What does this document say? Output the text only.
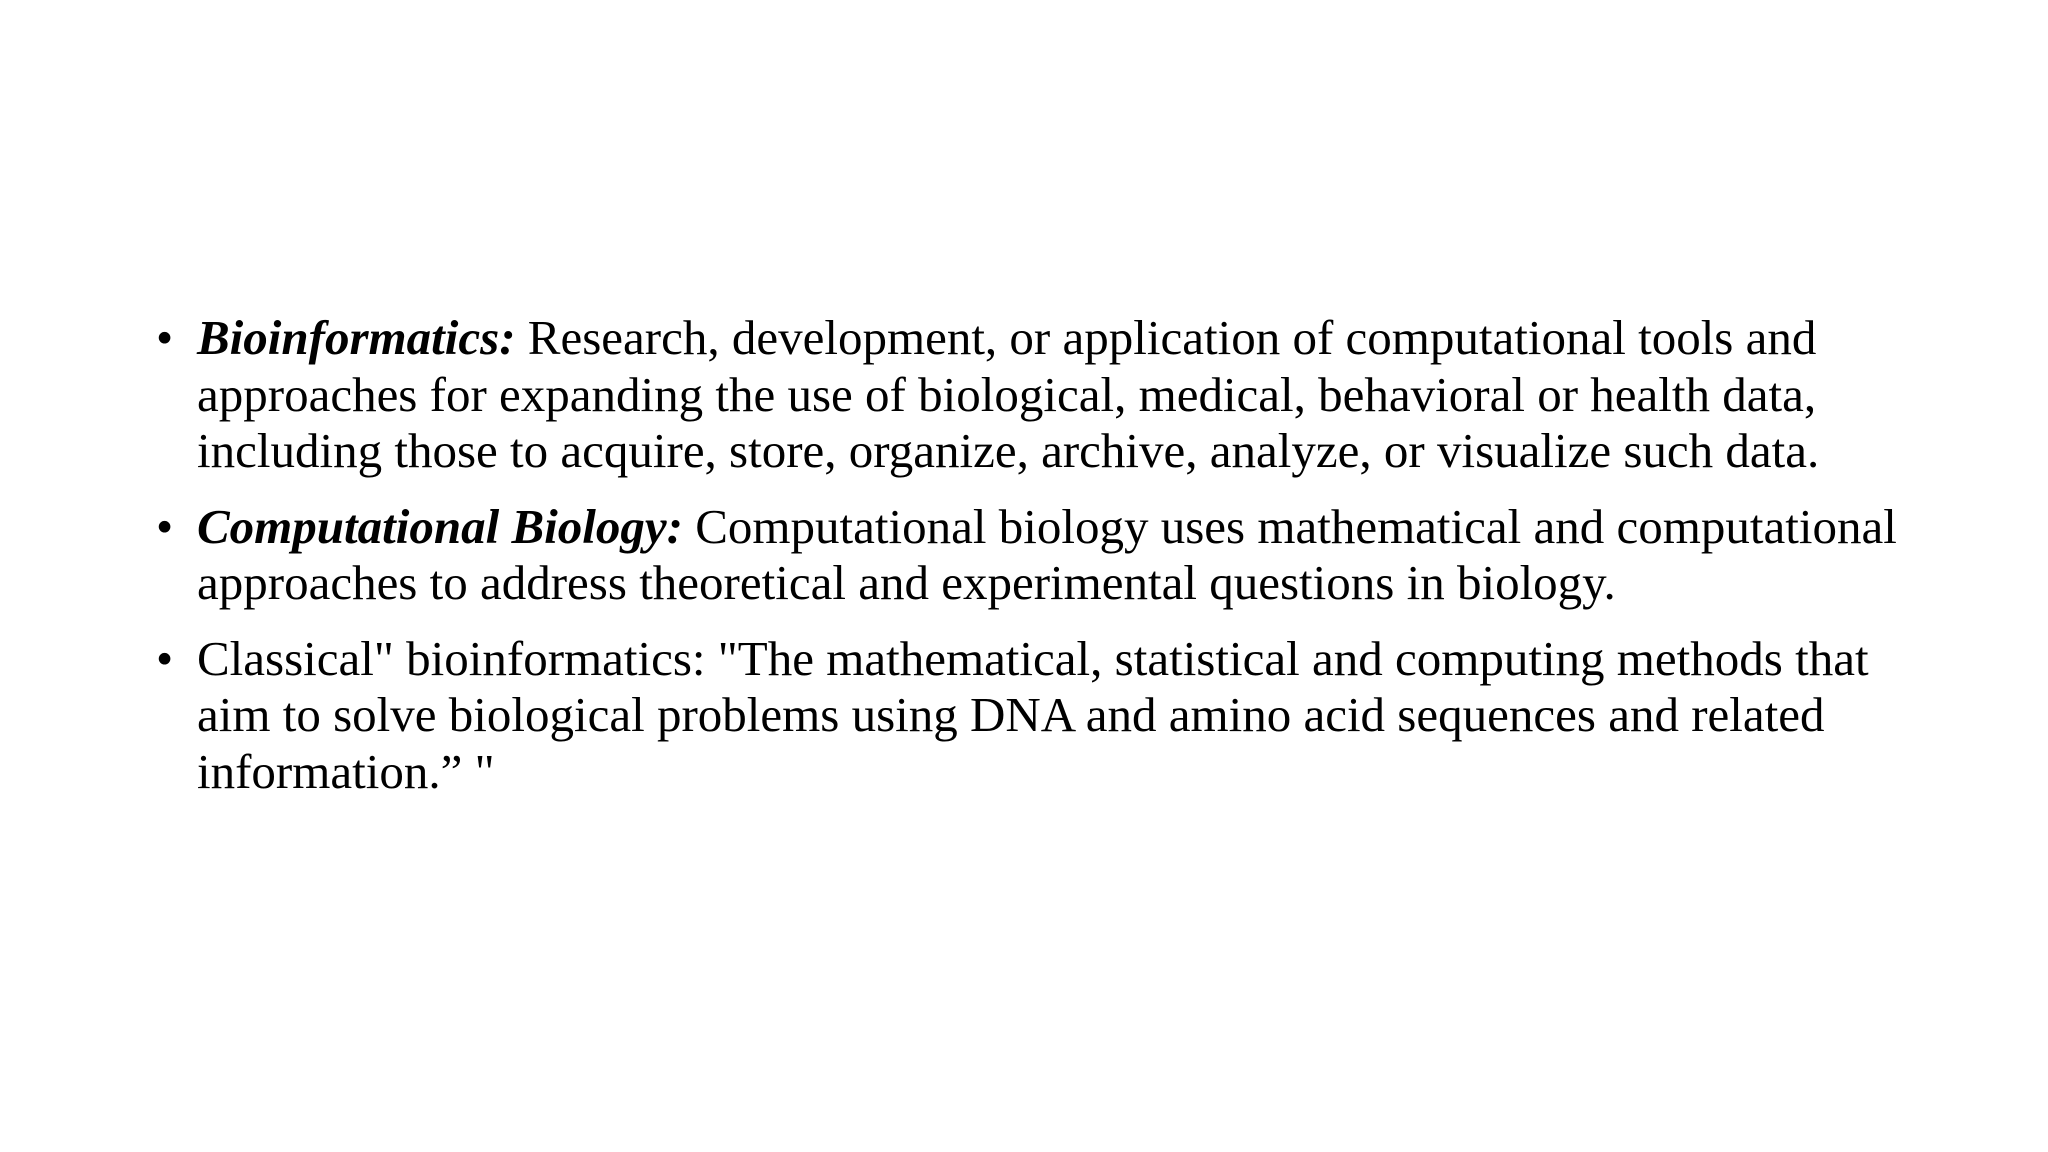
• Bioinformatics: Research, development, or application of computational tools and approaches for expanding the use of biological, medical, behavioral or health data, including those to acquire, store, organize, archive, analyze, or visualize such data.
• Computational Biology: Computational biology uses mathematical and computational approaches to address theoretical and experimental questions in biology.
• Classical" bioinformatics: "The mathematical, statistical and computing methods that aim to solve biological problems using DNA and amino acid sequences and related information.” "
